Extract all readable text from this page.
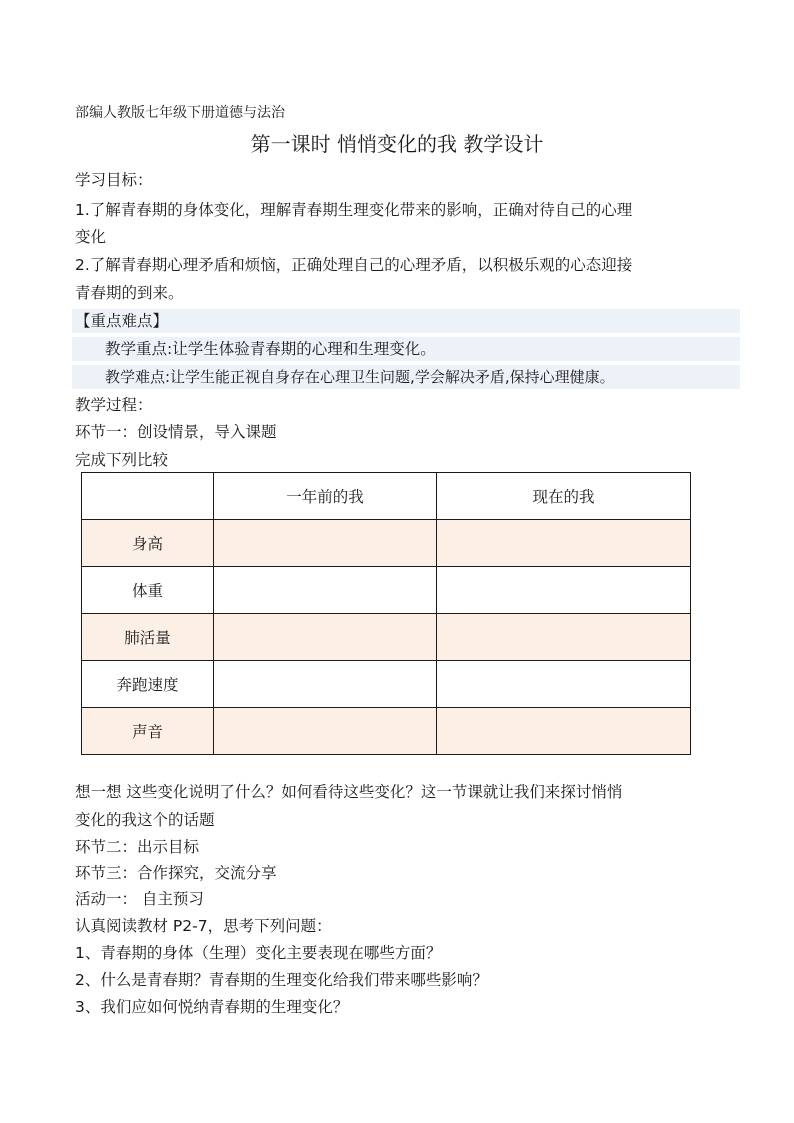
部编人教版七年级下册道德与法治
第一课时 悄悄变化的我 教学设计
学习目标：
1.了解青春期的身体变化，理解青春期生理变化带来的影响，正确对待自己的心理
变化
2.了解青春期心理矛盾和烦恼，正确处理自己的心理矛盾，以积极乐观的心态迎接
青春期的到来。
【重点难点】
教学重点:让学生体验青春期的心理和生理变化。
教学难点:让学生能正视自身存在心理卫生问题,学会解决矛盾,保持心理健康。
教学过程：
环节一：创设情景，导入课题
完成下列比较
	一年前的我	现在的我
身高		
体重		
肺活量		
奔跑速度		
声音		
想一想 这些变化说明了什么？如何看待这些变化？这一节课就让我们来探讨悄悄
变化的我这个的话题
环节二：出示目标
环节三：合作探究，交流分享
活动一： 自主预习
认真阅读教材 P2-7，思考下列问题：
1、青春期的身体（生理）变化主要表现在哪些方面？
2、什么是青春期？青春期的生理变化给我们带来哪些影响？
3、我们应如何悦纳青春期的生理变化？
